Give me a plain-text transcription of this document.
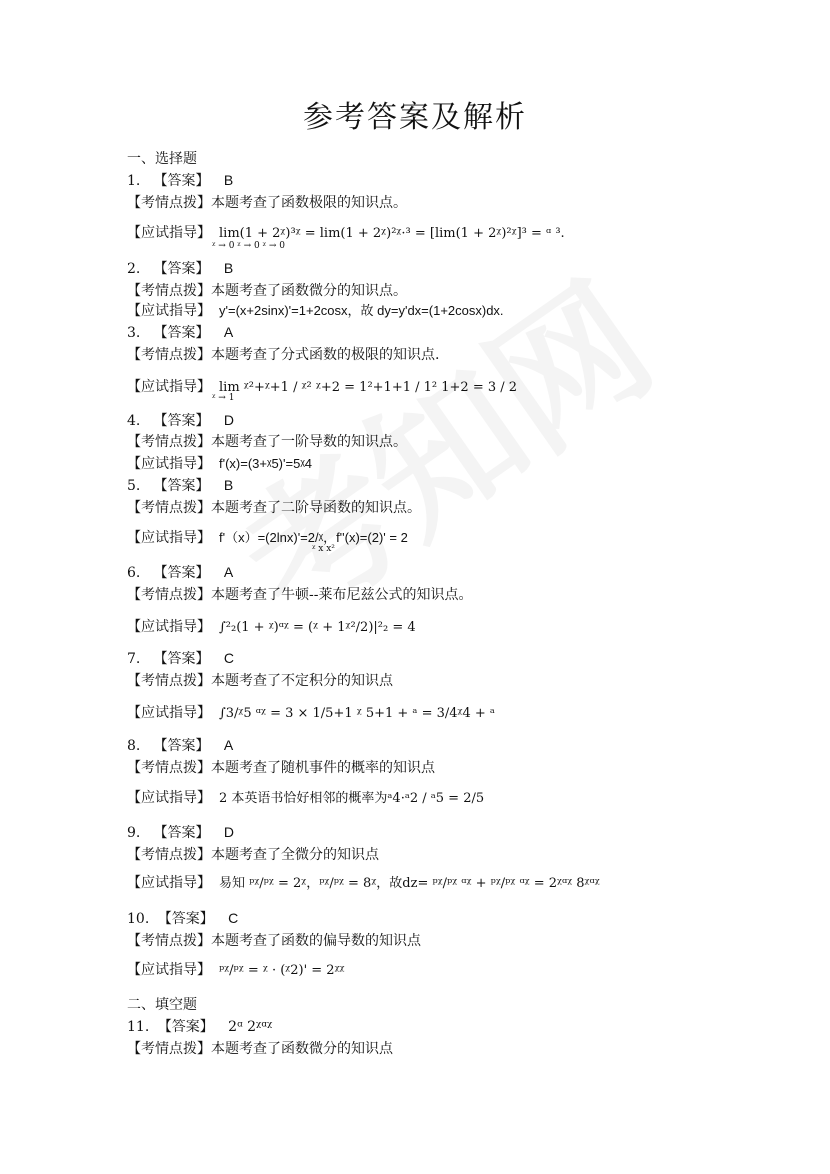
参考答案及解析
一、选择题
1. 【答案】 B
【考情点拨】本题考查了函数极限的知识点。
【应试指导】 lim(1 + 2ᵡ)³ᵡ = lim(1 + 2ᵡ)²ᵡ·³ = [lim(1 + 2ᵡ)²ᵡ]³ = ᵅ ³.
ᵡ → 0 ᵡ → 0 ᵡ → 0
2. 【答案】 B
【考情点拨】本题考查了函数微分的知识点。
【应试指导】 y'=(x+2sinx)'=1+2cosx，故 dy=y'dx=(1+2cosx)dx.
3. 【答案】 A
【考情点拨】本题考查了分式函数的极限的知识点.
【应试指导】 lim ᵡ²+ᵡ+1 / ᵡ² ᵡ+2 = 1²+1+1 / 1² 1+2 = 3 / 2
ᵡ → 1
4. 【答案】 D
【考情点拨】本题考查了一阶导数的知识点。
【应试指导】 f'(x)=(3+ᵡ5)'=5ᵡ4
5. 【答案】 B
【考情点拨】本题考查了二阶导函数的知识点。
【应试指导】 f'（x）=(2lnx)'=2/ᵡ，f''(x)=(2)' = 2
ᵡ x x²
6. 【答案】 A
【考情点拨】本题考查了牛顿--莱布尼兹公式的知识点。
【应试指导】 ∫²₂(1 + ᵡ)ᵅᵡ = (ᵡ + 1ᵡ²/2)|²₂ = 4
7. 【答案】 C
【考情点拨】本题考查了不定积分的知识点
【应试指导】 ∫3/ᵡ5 ᵅᵡ = 3 × 1/5+1 ᵡ 5+1 + ᵃ = 3/4ᵡ4 + ᵃ
8. 【答案】 A
【考情点拨】本题考查了随机事件的概率的知识点
【应试指导】 2 本英语书恰好相邻的概率为ᵃ4·ᵃ2 / ᵃ5 = 2/5
9. 【答案】 D
【考情点拨】本题考查了全微分的知识点
【应试指导】 易知 ᵖᵡ/ᵖᵡ = 2ᵡ，ᵖᵡ/ᵖᵡ = 8ᵡ，故dz= ᵖᵡ/ᵖᵡ ᵅᵡ + ᵖᵡ/ᵖᵡ ᵅᵡ = 2ᵡᵅᵡ 8ᵡᵅᵡ
10. 【答案】 C
【考情点拨】本题考查了函数的偏导数的知识点
【应试指导】 ᵖᵡ/ᵖᵡ = ᵡ · (ᵡ2)' = 2ᵡᵡ
二、填空题
11. 【答案】 2ᵅ 2ᵡᵅᵡ
【考情点拨】本题考查了函数微分的知识点
